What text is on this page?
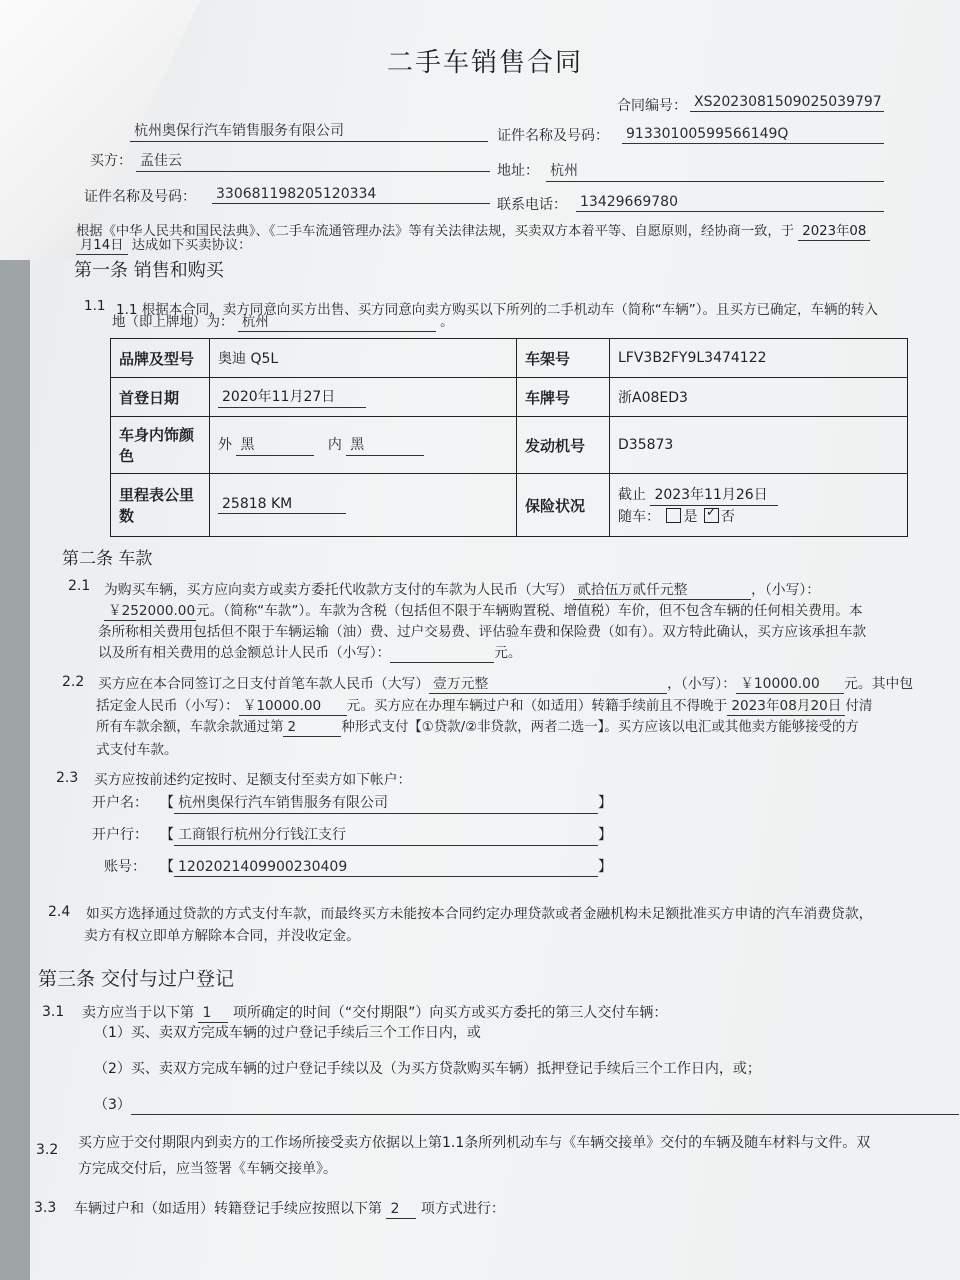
二手车销售合同
合同编号： XS2023081509025039797
杭州奥保行汽车销售服务有限公司	证件名称及号码： 91330100599566149Q
买方： 孟佳云
地址： 杭州
证件名称及号码： 330681198205120334
联系电话： 13429669780
根据《中华人民共和国民法典》、《二手车流通管理办法》等有关法律法规，买卖双方本着平等、自愿原则，经协商一致，于 2023年08
月14日 达成如下买卖协议：
第一条 销售和购买
1.1 1.1 根据本合同，卖方同意向买方出售、买方同意向卖方购买以下所列的二手机动车（简称“车辆”）。且买方已确定，车辆的转入
地（即上牌地）为： 杭州	。
品牌及型号	奥迪 Q5L	车架号	LFV3B2FY9L3474122
首登日期	2020年11月27日	车牌号	浙A08ED3
车身内饰颜色	外 黑 内 黑	发动机号	D35873
里程表公里数	25818 KM	保险状况	截止 2023年11月26日
随车： 是 ✓ 否
第二条 车款
2.1 为购买车辆，买方应向卖方或卖方委托代收款方支付的车款为人民币（大写） 贰拾伍万贰仟元整	，（小写）：
￥252000.00元。（简称“车款”）。车款为含税（包括但不限于车辆购置税、增值税）车价，但不包含车辆的任何相关费用。本
条所称相关费用包括但不限于车辆运输（油）费、过户交易费、评估验车费和保险费（如有）。双方特此确认，买方应该承担车款
以及所有相关费用的总金额总计人民币（小写）：	元。
2.2 买方应在本合同签订之日支付首笔车款人民币（大写） 壹万元整	，（小写）： ￥10000.00 元。其中包
括定金人民币（小写）： ￥10000.00 元。买方应在办理车辆过户和（如适用）转籍手续前且不得晚于 2023年08月20日 付清
所有车款余额，车款余款通过第 2	种形式支付【①贷款/②非贷款，两者二选一】。买方应该以电汇或其他卖方能够接受的方
式支付车款。
2.3 买方应按前述约定按时、足额支付至卖方如下帐户：
开户名： 【 杭州奥保行汽车销售服务有限公司	】
开户行： 【 工商银行杭州分行钱江支行	】
账号： 【 1202021409900230409	】
2.4 如买方选择通过贷款的方式支付车款，而最终买方未能按本合同约定办理贷款或者金融机构未足额批准买方申请的汽车消费贷款，
卖方有权立即单方解除本合同，并没收定金。
第三条 交付与过户登记
3.1 卖方应当于以下第 1 项所确定的时间（“交付期限”）向买方或买方委托的第三人交付车辆：
（1）买、卖双方完成车辆的过户登记手续后三个工作日内，或
（2）买、卖双方完成车辆的过户登记手续以及（为买方贷款购买车辆）抵押登记手续后三个工作日内，或；
（3）
3.2 买方应于交付期限内到卖方的工作场所接受卖方依据以上第1.1条所列机动车与《车辆交接单》交付的车辆及随车材料与文件。双
方完成交付后，应当签署《车辆交接单》。
3.3 车辆过户和（如适用）转籍登记手续应按照以下第 2 项方式进行：
